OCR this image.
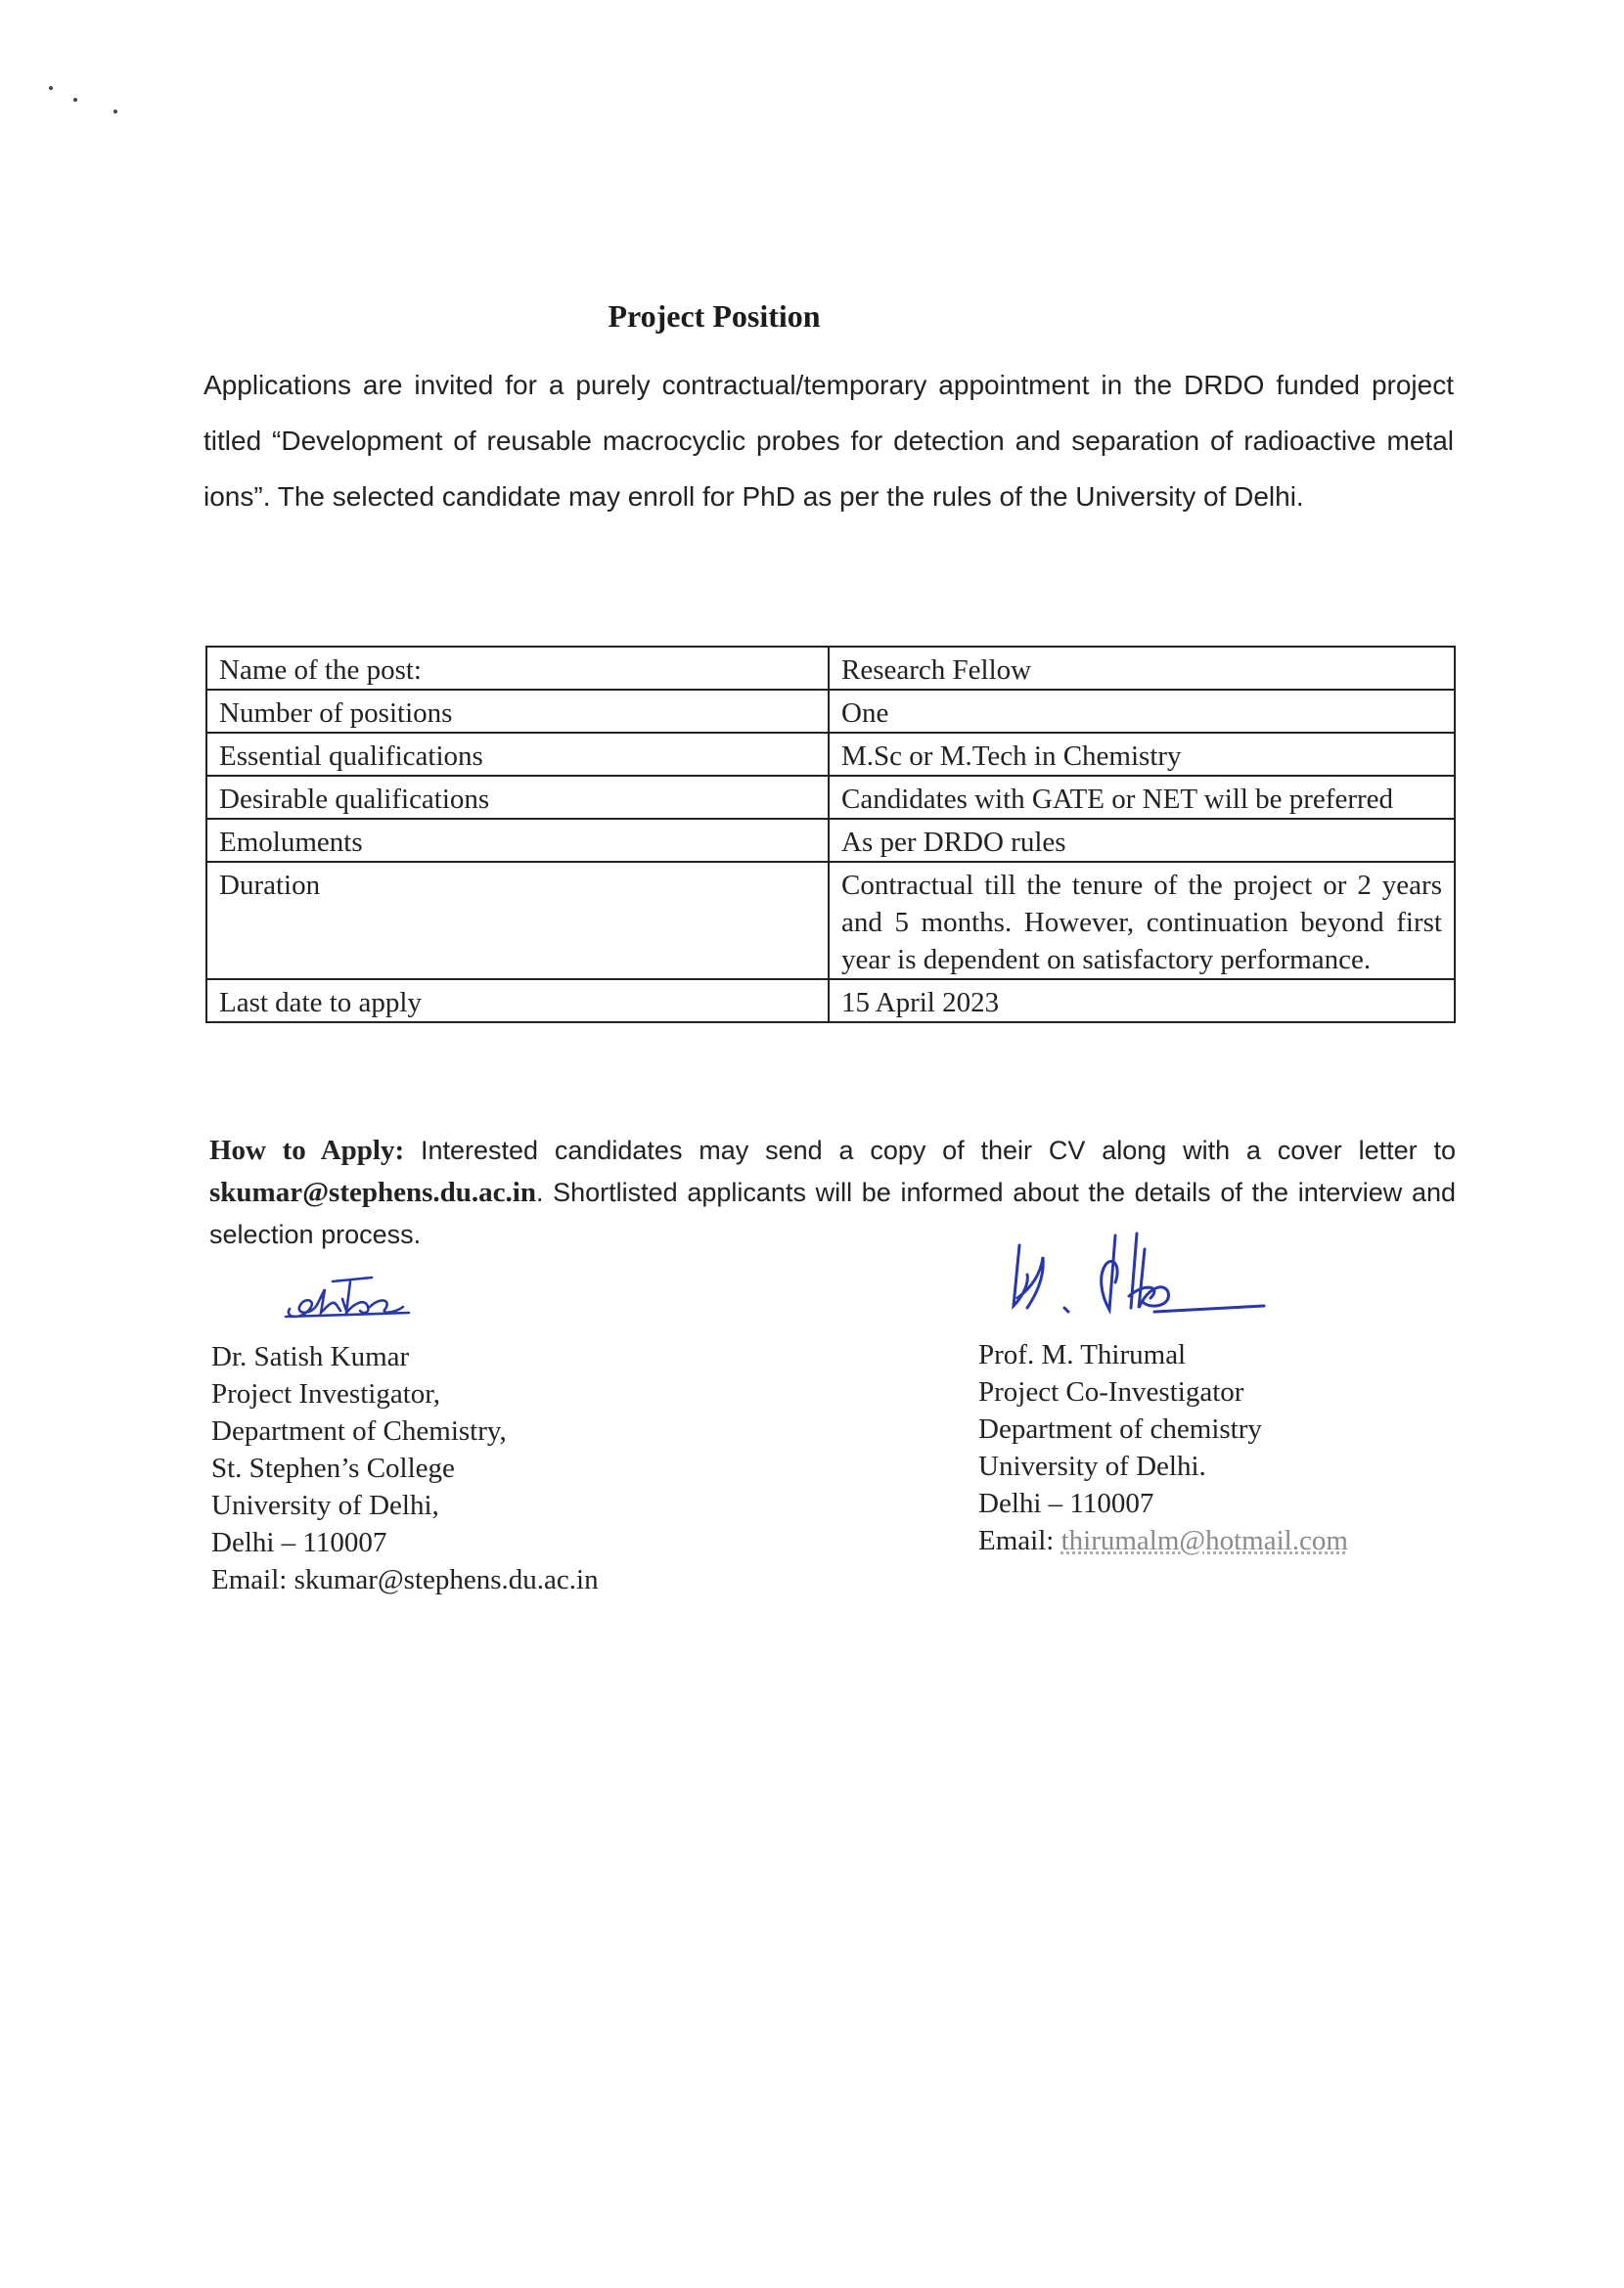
Project Position

Applications are invited for a purely contractual/temporary appointment in the DRDO funded project titled “Development of reusable macrocyclic probes for detection and separation of radioactive metal ions”. The selected candidate may enroll for PhD as per the rules of the University of Delhi.

Name of the post:	Research Fellow
Number of positions	One
Essential qualifications	M.Sc or M.Tech in Chemistry
Desirable qualifications	Candidates with GATE or NET will be preferred
Emoluments	As per DRDO rules
Duration	Contractual till the tenure of the project or 2 years and 5 months. However, continuation beyond first year is dependent on satisfactory performance.
Last date to apply	15 April 2023

How to Apply: Interested candidates may send a copy of their CV along with a cover letter to skumar@stephens.du.ac.in. Shortlisted applicants will be informed about the details of the interview and selection process.

Dr. Satish Kumar
Project Investigator,
Department of Chemistry,
St. Stephen’s College
University of Delhi,
Delhi – 110007
Email: skumar@stephens.du.ac.in
Prof. M. Thirumal
Project Co-Investigator
Department of chemistry
University of Delhi.
Delhi – 110007
Email: thirumalm@hotmail.com
